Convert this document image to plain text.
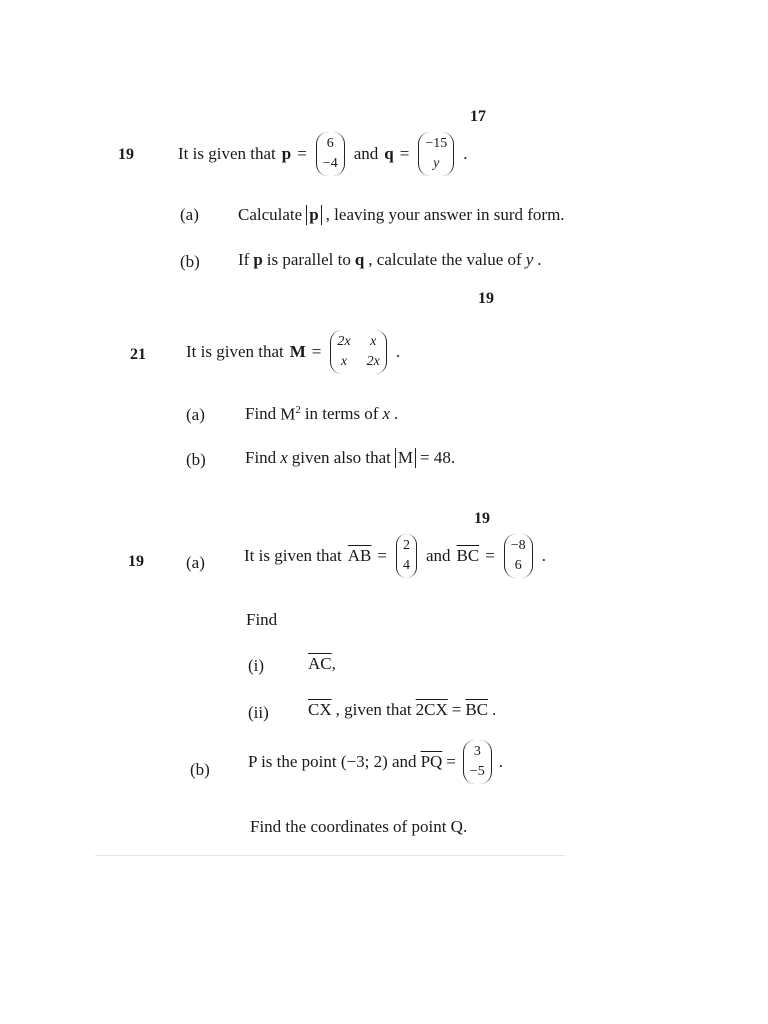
17
19	It is given that p =
6
−4
and q =
−15
y
.
(a) Calculate p , leaving your answer in surd form.
(b) If p is parallel to q , calculate the value of y .
19
21 It is given that M =
2x x
x 2x
.
(a) Find $M^2$ in terms of x .
(b) Find x given also that M = 48.
19
19 (a) It is given that $\overline{AB}$ =
2
4
and $\overline{BC}$ =
−8
6
.
Find
(i)	$\overline{AC}$ ,
(ii) $\overline{CX}$ , given that $2CX = \overline{BC}$ .
(b) P is the point (−3; 2) and $\overline{PQ}$ =
3
−5
.
Find the coordinates of point Q.
